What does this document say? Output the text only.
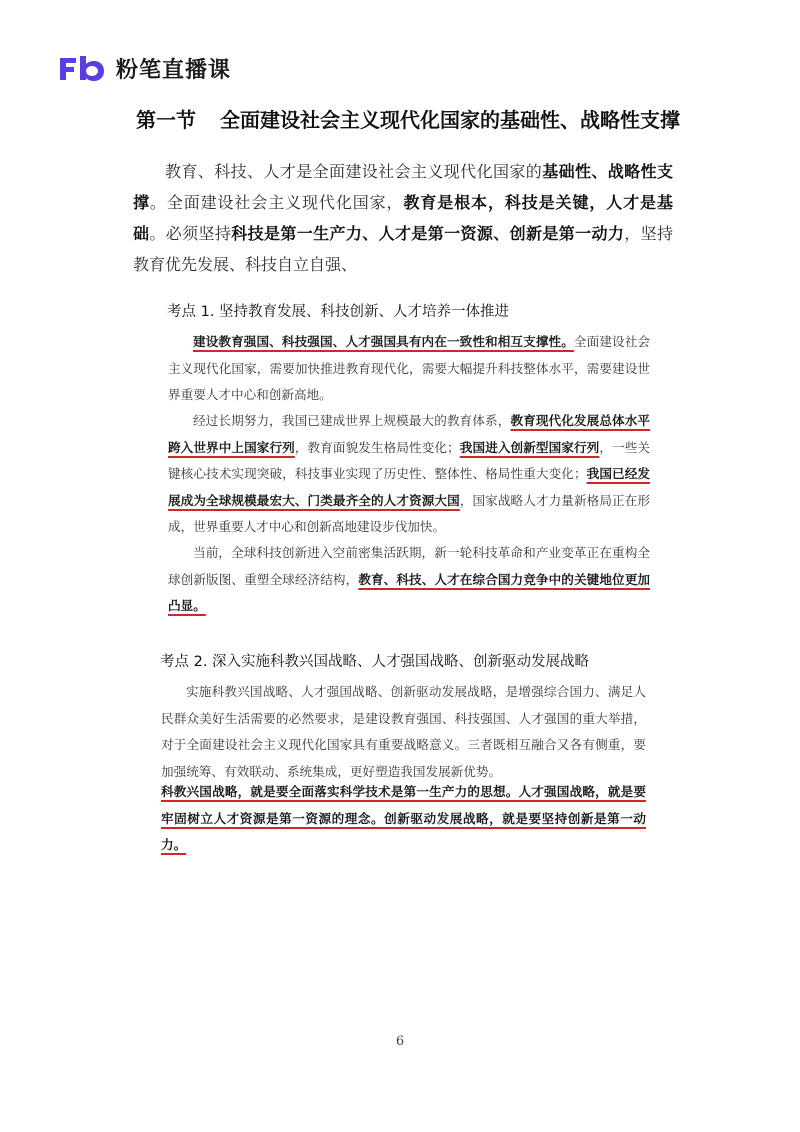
粉笔直播课
第一节 全面建设社会主义现代化国家的基础性、战略性支撑
教育、科技、人才是全面建设社会主义现代化国家的基础性、战略性支撑。全面建设社会主义现代化国家，教育是根本，科技是关键，人才是基础。必须坚持科技是第一生产力、人才是第一资源、创新是第一动力，坚持教育优先发展、科技自立自强、
考点 1. 坚持教育发展、科技创新、人才培养一体推进
建设教育强国、科技强国、人才强国具有内在一致性和相互支撑性。全面建设社会主义现代化国家，需要加快推进教育现代化，需要大幅提升科技整体水平，需要建设世界重要人才中心和创新高地。
经过长期努力，我国已建成世界上规模最大的教育体系，教育现代化发展总体水平跨入世界中上国家行列，教育面貌发生格局性变化；我国进入创新型国家行列，一些关键核心技术实现突破，科技事业实现了历史性、整体性、格局性重大变化；我国已经发展成为全球规模最宏大、门类最齐全的人才资源大国，国家战略人才力量新格局正在形成，世界重要人才中心和创新高地建设步伐加快。
当前，全球科技创新进入空前密集活跃期，新一轮科技革命和产业变革正在重构全球创新版图、重塑全球经济结构，教育、科技、人才在综合国力竞争中的关键地位更加凸显。
考点 2. 深入实施科教兴国战略、人才强国战略、创新驱动发展战略
实施科教兴国战略、人才强国战略、创新驱动发展战略，是增强综合国力、满足人民群众美好生活需要的必然要求，是建设教育强国、科技强国、人才强国的重大举措，对于全面建设社会主义现代化国家具有重要战略意义。三者既相互融合又各有侧重，要加强统筹、有效联动、系统集成，更好塑造我国发展新优势。
科教兴国战略，就是要全面落实科学技术是第一生产力的思想。人才强国战略，就是要牢固树立人才资源是第一资源的理念。创新驱动发展战略，就是要坚持创新是第一动力。
6
